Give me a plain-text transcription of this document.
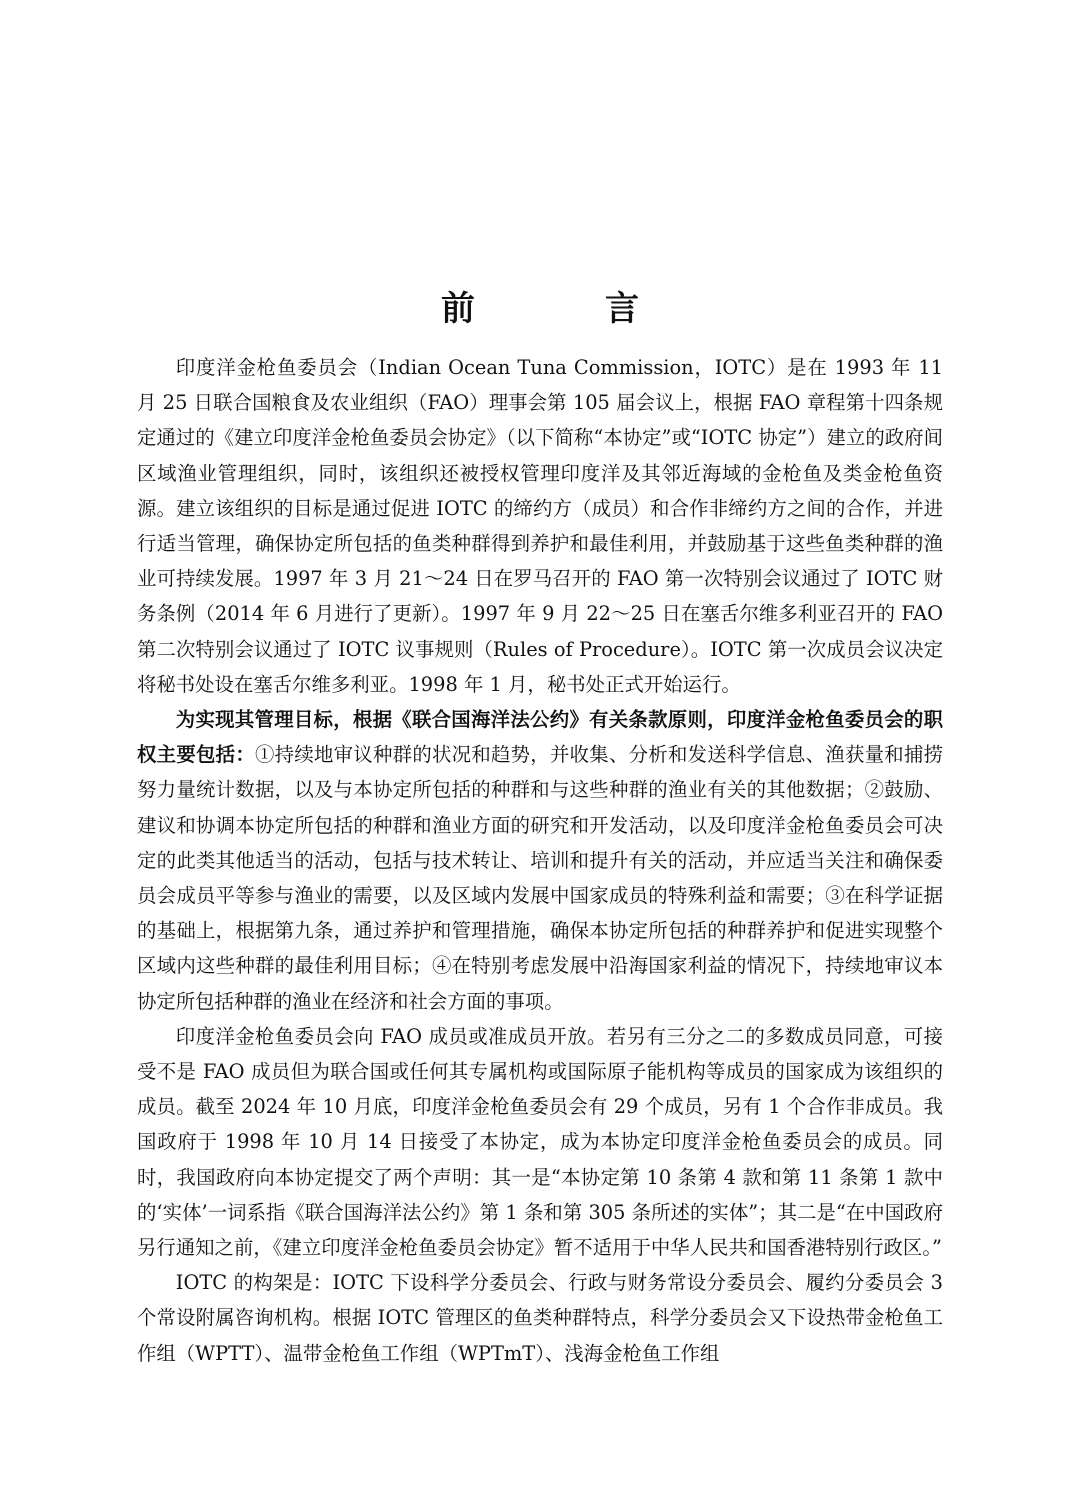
前　言

印度洋金枪鱼委员会（Indian Ocean Tuna Commission，IOTC）是在 1993 年 11 月 25 日联合国粮食及农业组织（FAO）理事会第 105 届会议上，根据 FAO 章程第十四条规定通过的《建立印度洋金枪鱼委员会协定》（以下简称“本协定”或“IOTC 协定”）建立的政府间区域渔业管理组织，同时，该组织还被授权管理印度洋及其邻近海域的金枪鱼及类金枪鱼资源。建立该组织的目标是通过促进 IOTC 的缔约方（成员）和合作非缔约方之间的合作，并进行适当管理，确保协定所包括的鱼类种群得到养护和最佳利用，并鼓励基于这些鱼类种群的渔业可持续发展。1997 年 3 月 21～24 日在罗马召开的 FAO 第一次特别会议通过了 IOTC 财务条例（2014 年 6 月进行了更新）。1997 年 9 月 22～25 日在塞舌尔维多利亚召开的 FAO 第二次特别会议通过了 IOTC 议事规则（Rules of Procedure）。IOTC 第一次成员会议决定将秘书处设在塞舌尔维多利亚。1998 年 1 月，秘书处正式开始运行。

为实现其管理目标，根据《联合国海洋法公约》有关条款原则，印度洋金枪鱼委员会的职权主要包括：①持续地审议种群的状况和趋势，并收集、分析和发送科学信息、渔获量和捕捞努力量统计数据，以及与本协定所包括的种群和与这些种群的渔业有关的其他数据；②鼓励、建议和协调本协定所包括的种群和渔业方面的研究和开发活动，以及印度洋金枪鱼委员会可决定的此类其他适当的活动，包括与技术转让、培训和提升有关的活动，并应适当关注和确保委员会成员平等参与渔业的需要，以及区域内发展中国家成员的特殊利益和需要；③在科学证据的基础上，根据第九条，通过养护和管理措施，确保本协定所包括的种群养护和促进实现整个区域内这些种群的最佳利用目标；④在特别考虑发展中沿海国家利益的情况下，持续地审议本协定所包括种群的渔业在经济和社会方面的事项。

印度洋金枪鱼委员会向 FAO 成员或准成员开放。若另有三分之二的多数成员同意，可接受不是 FAO 成员但为联合国或任何其专属机构或国际原子能机构等成员的国家成为该组织的成员。截至 2024 年 10 月底，印度洋金枪鱼委员会有 29 个成员，另有 1 个合作非成员。我国政府于 1998 年 10 月 14 日接受了本协定，成为本协定印度洋金枪鱼委员会的成员。同时，我国政府向本协定提交了两个声明：其一是“本协定第 10 条第 4 款和第 11 条第 1 款中的‘实体’一词系指《联合国海洋法公约》第 1 条和第 305 条所述的实体”；其二是“在中国政府另行通知之前，《建立印度洋金枪鱼委员会协定》暂不适用于中华人民共和国香港特别行政区。”

IOTC 的构架是：IOTC 下设科学分委员会、行政与财务常设分委员会、履约分委员会 3 个常设附属咨询机构。根据 IOTC 管理区的鱼类种群特点，科学分委员会又下设热带金枪鱼工作组（WPTT）、温带金枪鱼工作组（WPTmT）、浅海金枪鱼工作组
